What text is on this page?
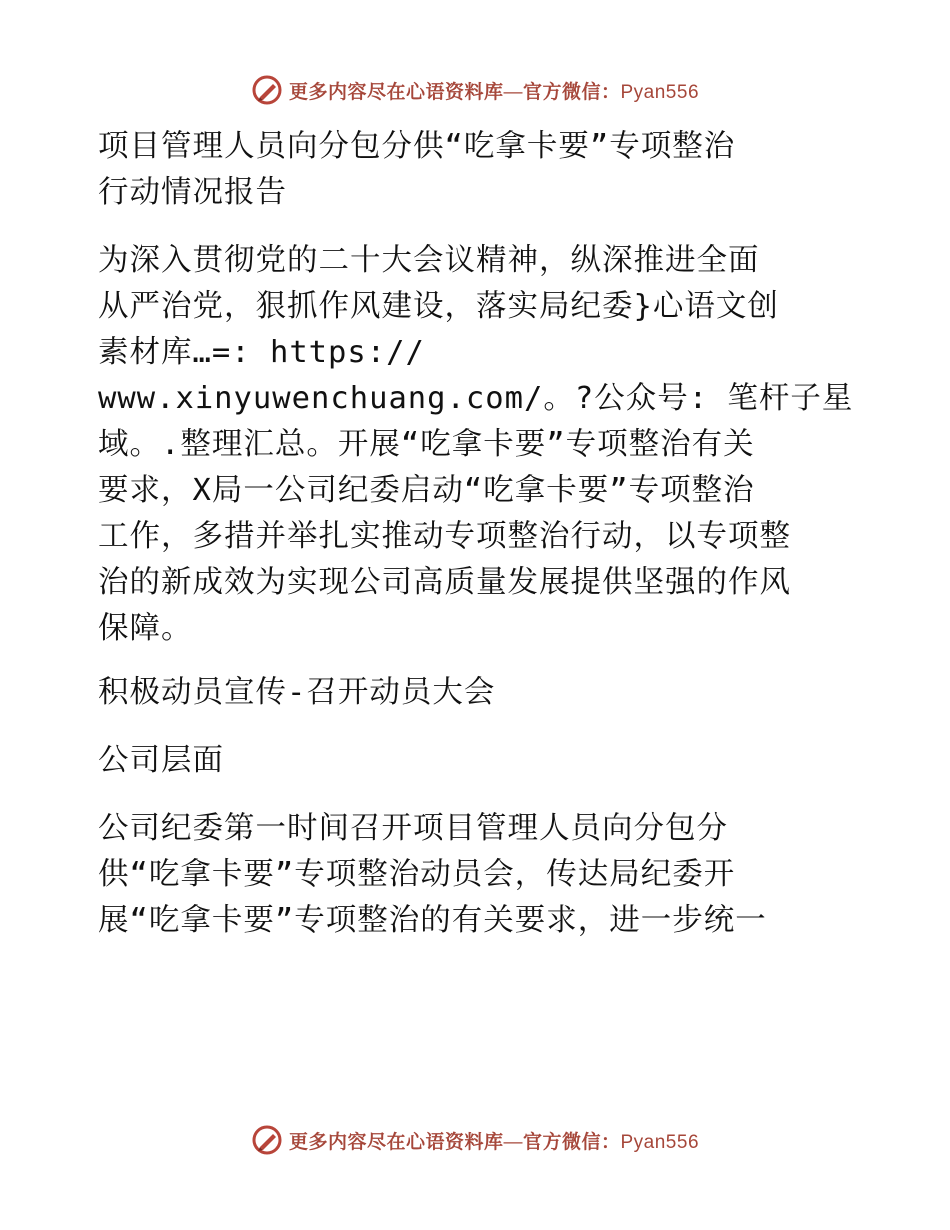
更多内容尽在心语资料库—官方微信：Pyan556
项目管理人员向分包分供“吃拿卡要”专项整治
行动情况报告
为深入贯彻党的二十大会议精神，纵深推进全面
从严治党，狠抓作风建设，落实局纪委}心语文创
素材库…=: https://
www.xinyuwenchuang.com/。?公众号: 笔杆子星
域。.整理汇总。开展“吃拿卡要”专项整治有关
要求，X局一公司纪委启动“吃拿卡要”专项整治
工作，多措并举扎实推动专项整治行动，以专项整
治的新成效为实现公司高质量发展提供坚强的作风
保障。
积极动员宣传-召开动员大会
公司层面
公司纪委第一时间召开项目管理人员向分包分
供“吃拿卡要”专项整治动员会，传达局纪委开
展“吃拿卡要”专项整治的有关要求，进一步统一
更多内容尽在心语资料库—官方微信：Pyan556
